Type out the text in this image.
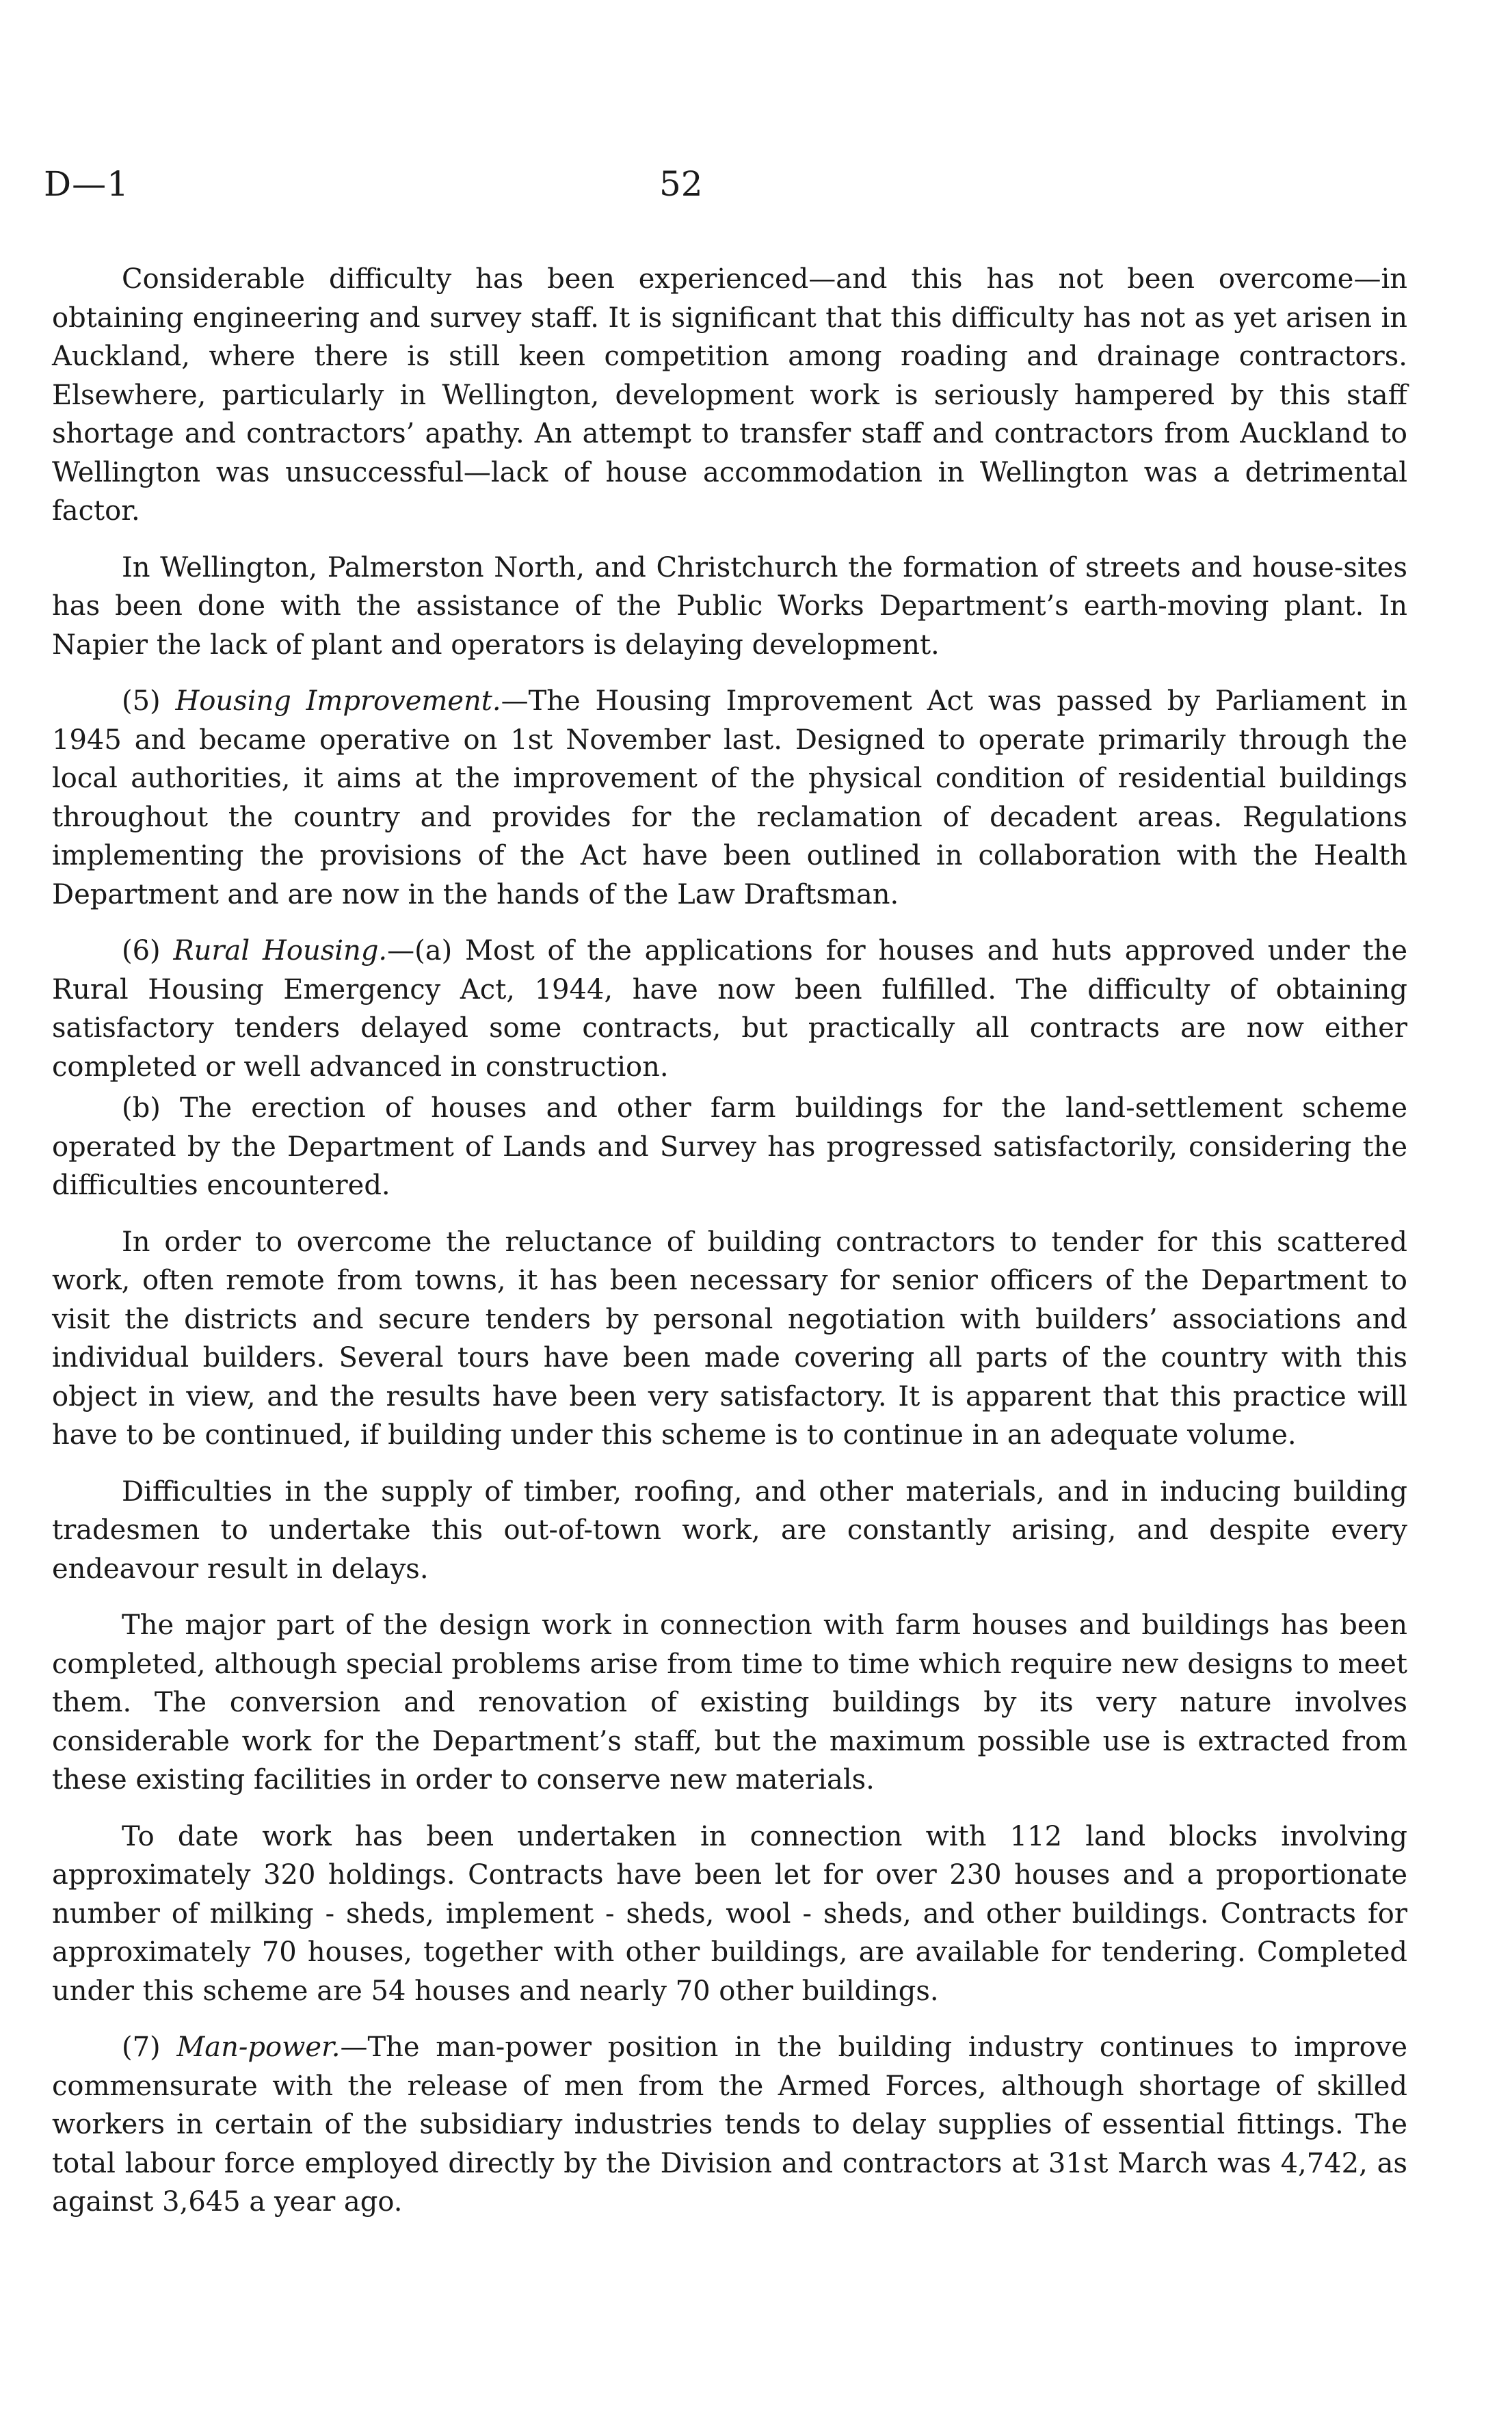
D—1	52

Considerable difficulty has been experienced—and this has not been overcome—in obtaining engineering and survey staff. It is significant that this difficulty has not as yet arisen in Auckland, where there is still keen competition among roading and drainage contractors. Elsewhere, particularly in Wellington, development work is seriously hampered by this staff shortage and contractors’ apathy. An attempt to transfer staff and contractors from Auckland to Wellington was unsuccessful—lack of house accommodation in Wellington was a detrimental factor.

In Wellington, Palmerston North, and Christchurch the formation of streets and house-sites has been done with the assistance of the Public Works Department’s earth-moving plant. In Napier the lack of plant and operators is delaying development.

(5) Housing Improvement.—The Housing Improvement Act was passed by Parliament in 1945 and became operative on 1st November last. Designed to operate primarily through the local authorities, it aims at the improvement of the physical condition of residential buildings throughout the country and provides for the reclamation of decadent areas. Regulations implementing the provisions of the Act have been outlined in collaboration with the Health Department and are now in the hands of the Law Draftsman.

(6) Rural Housing.—(a) Most of the applications for houses and huts approved under the Rural Housing Emergency Act, 1944, have now been fulfilled. The difficulty of obtaining satisfactory tenders delayed some contracts, but practically all contracts are now either completed or well advanced in construction.

(b) The erection of houses and other farm buildings for the land-settlement scheme operated by the Department of Lands and Survey has progressed satisfactorily, considering the difficulties encountered.

In order to overcome the reluctance of building contractors to tender for this scattered work, often remote from towns, it has been necessary for senior officers of the Department to visit the districts and secure tenders by personal negotiation with builders’ associations and individual builders. Several tours have been made covering all parts of the country with this object in view, and the results have been very satisfactory. It is apparent that this practice will have to be continued, if building under this scheme is to continue in an adequate volume.

Difficulties in the supply of timber, roofing, and other materials, and in inducing building tradesmen to undertake this out-of-town work, are constantly arising, and despite every endeavour result in delays.

The major part of the design work in connection with farm houses and buildings has been completed, although special problems arise from time to time which require new designs to meet them. The conversion and renovation of existing buildings by its very nature involves considerable work for the Department’s staff, but the maximum possible use is extracted from these existing facilities in order to conserve new materials.

To date work has been undertaken in connection with 112 land blocks involving approximately 320 holdings. Contracts have been let for over 230 houses and a proportionate number of milking - sheds, implement - sheds, wool - sheds, and other buildings. Contracts for approximately 70 houses, together with other buildings, are available for tendering. Completed under this scheme are 54 houses and nearly 70 other buildings.

(7) Man-power.—The man-power position in the building industry continues to improve commensurate with the release of men from the Armed Forces, although shortage of skilled workers in certain of the subsidiary industries tends to delay supplies of essential fittings. The total labour force employed directly by the Division and contractors at 31st March was 4,742, as against 3,645 a year ago.
